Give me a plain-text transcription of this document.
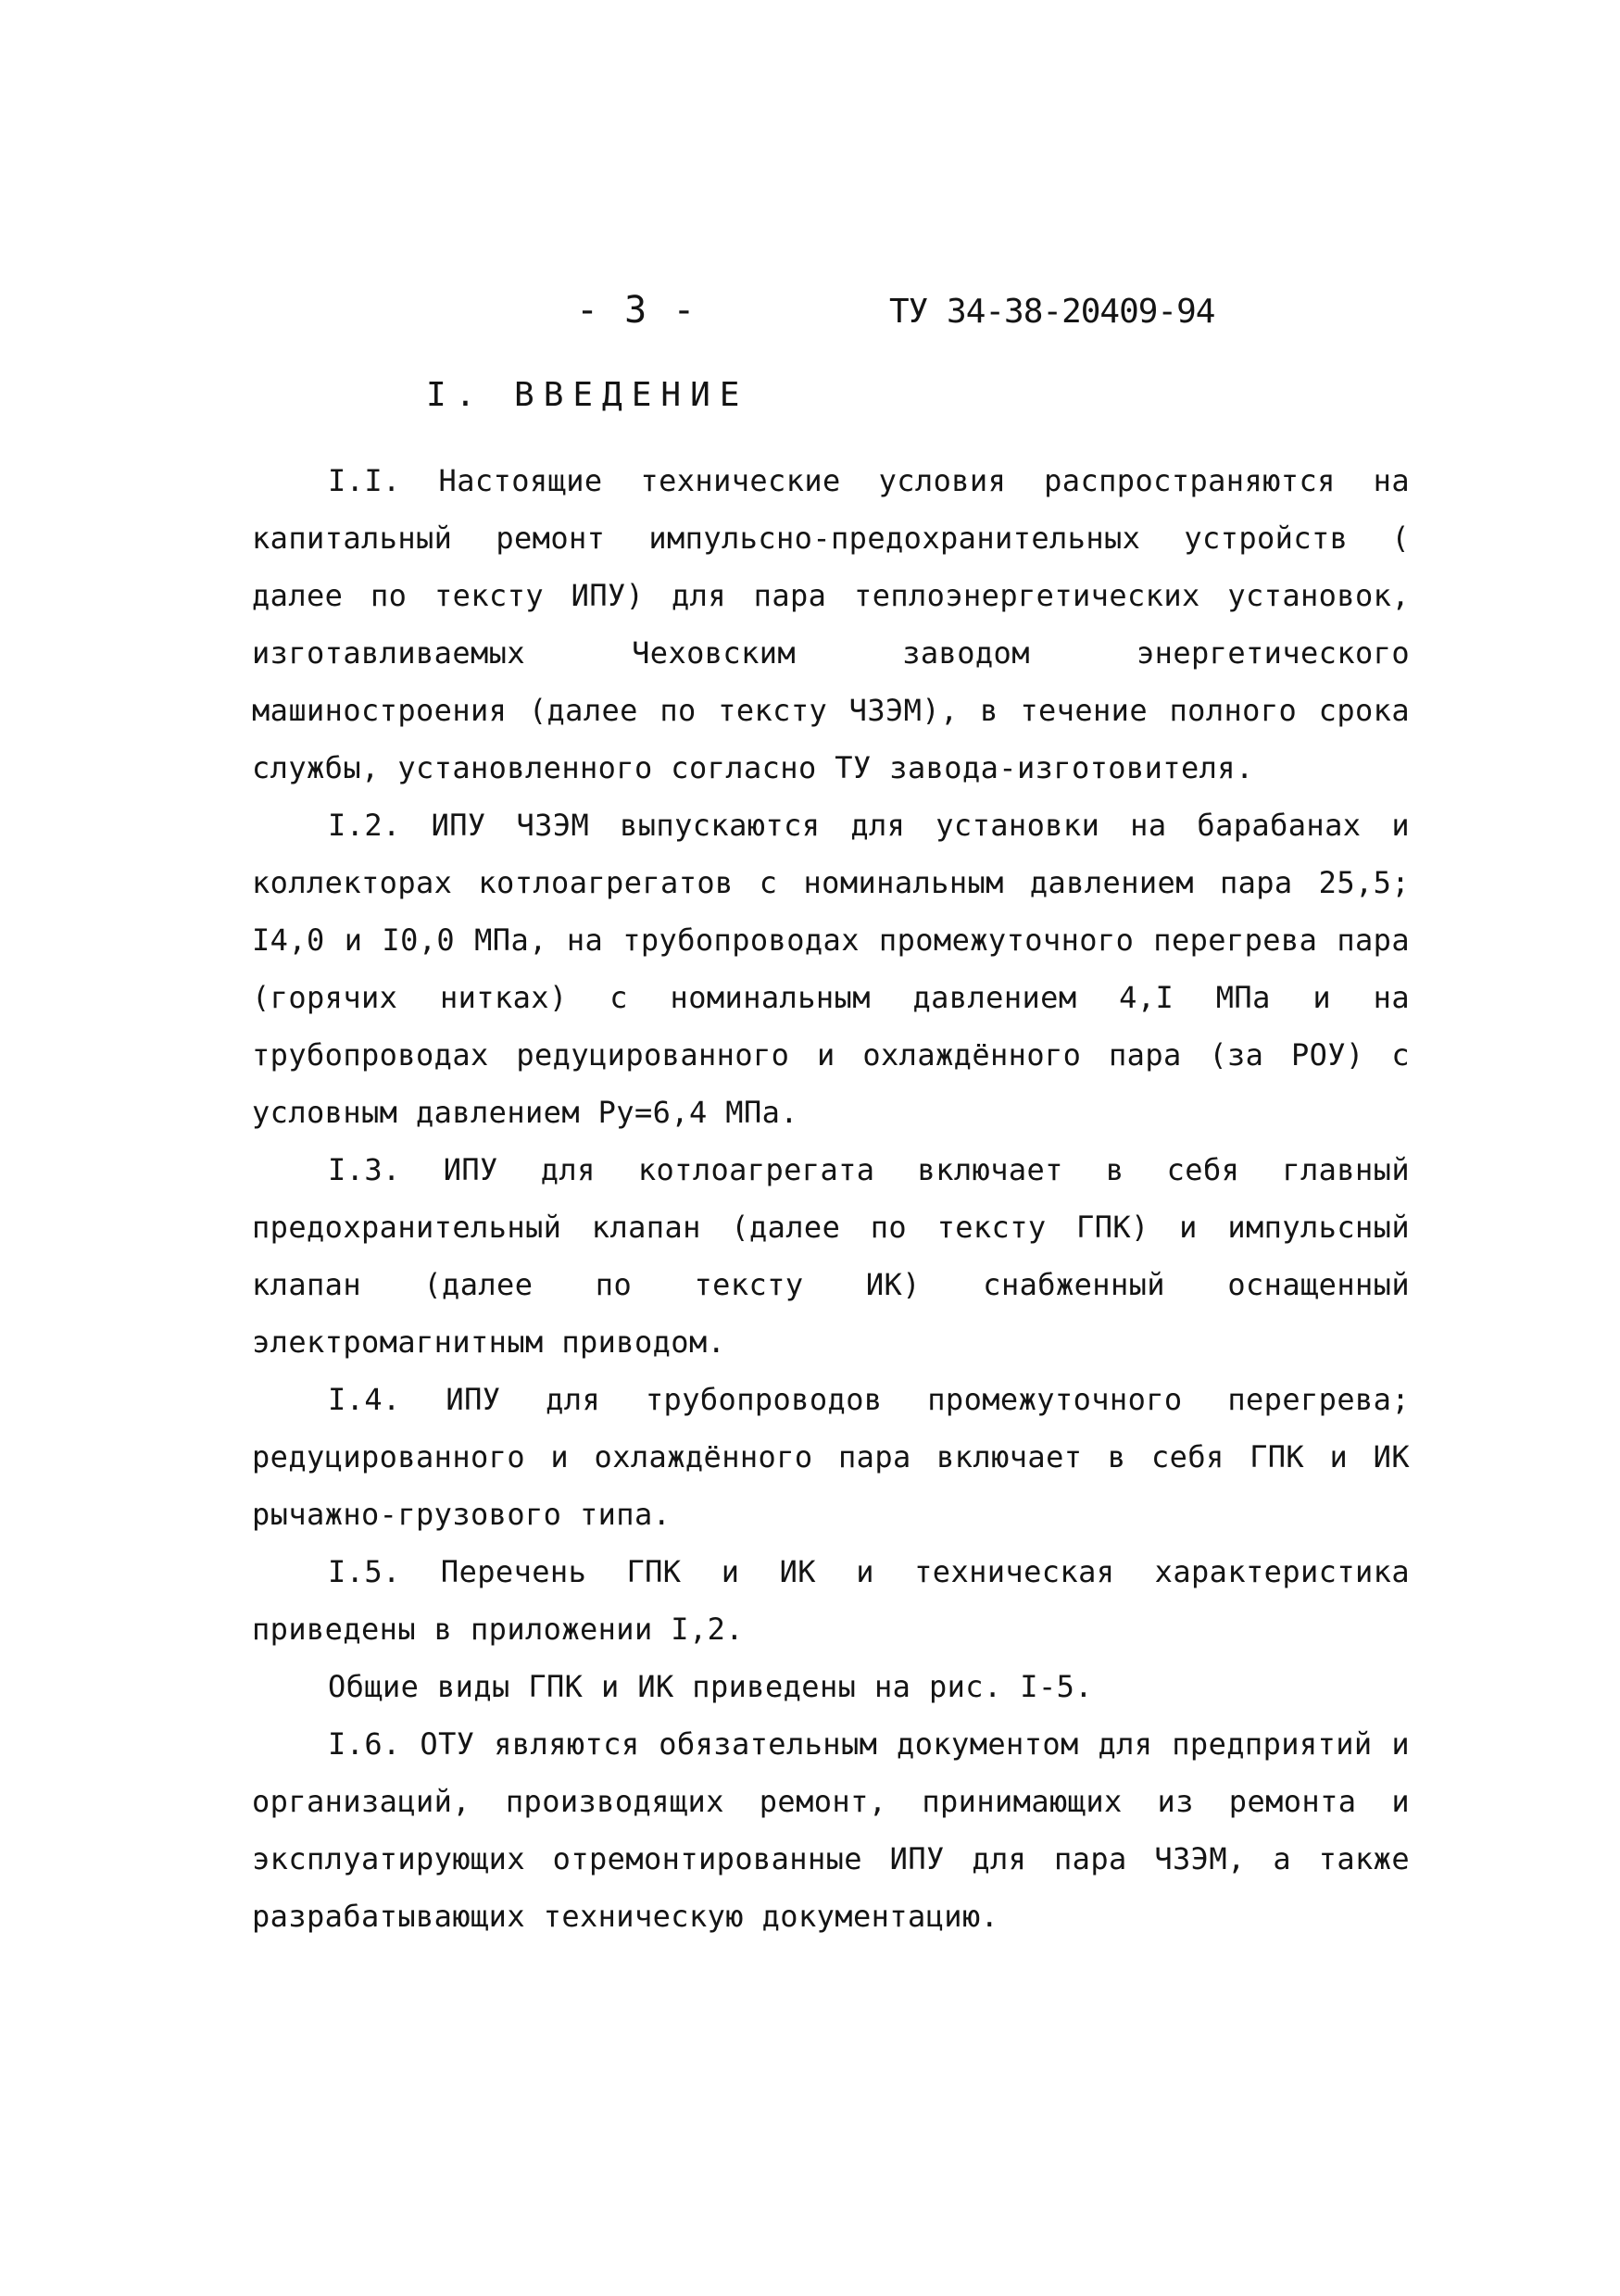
- 3 -	ТУ 34-38-20409-94
I. ВВЕДЕНИЕ

I.I. Настоящие технические условия распространяются на капитальный ремонт импульсно-предохранительных устройств ( далее по тексту ИПУ) для пара теплоэнергетических установок, изготавливаемых Чеховским заводом энергетического машиностроения (далее по тексту ЧЗЭМ), в течение полного срока службы, установленного согласно ТУ завода-изготовителя.

I.2. ИПУ ЧЗЭМ выпускаются для установки на барабанах и коллекторах котлоагрегатов с номинальным давлением пара 25,5; I4,0 и I0,0 МПа, на трубопроводах промежуточного перегрева пара (горячих нитках) с номинальным давлением 4,I МПа и на трубопроводах редуцированного и охлаждённого пара (за РОУ) с условным давлением Ру=6,4 МПа.

I.3. ИПУ для котлоагрегата включает в себя главный предохранительный клапан (далее по тексту ГПК) и импульсный клапан (далее по тексту ИК) снабженный оснащенный электромагнитным приводом.

I.4. ИПУ для трубопроводов промежуточного перегрева; редуцированного и охлаждённого пара включает в себя ГПК и ИК рычажно-грузового типа.

I.5. Перечень ГПК и ИК и техническая характеристика приведены в приложении I,2.

Общие виды ГПК и ИК приведены на рис. I-5.

I.6. ОТУ являются обязательным документом для предприятий и организаций, производящих ремонт, принимающих из ремонта и эксплуатирующих отремонтированные ИПУ для пара ЧЗЭМ, а также разрабатывающих техническую документацию.
